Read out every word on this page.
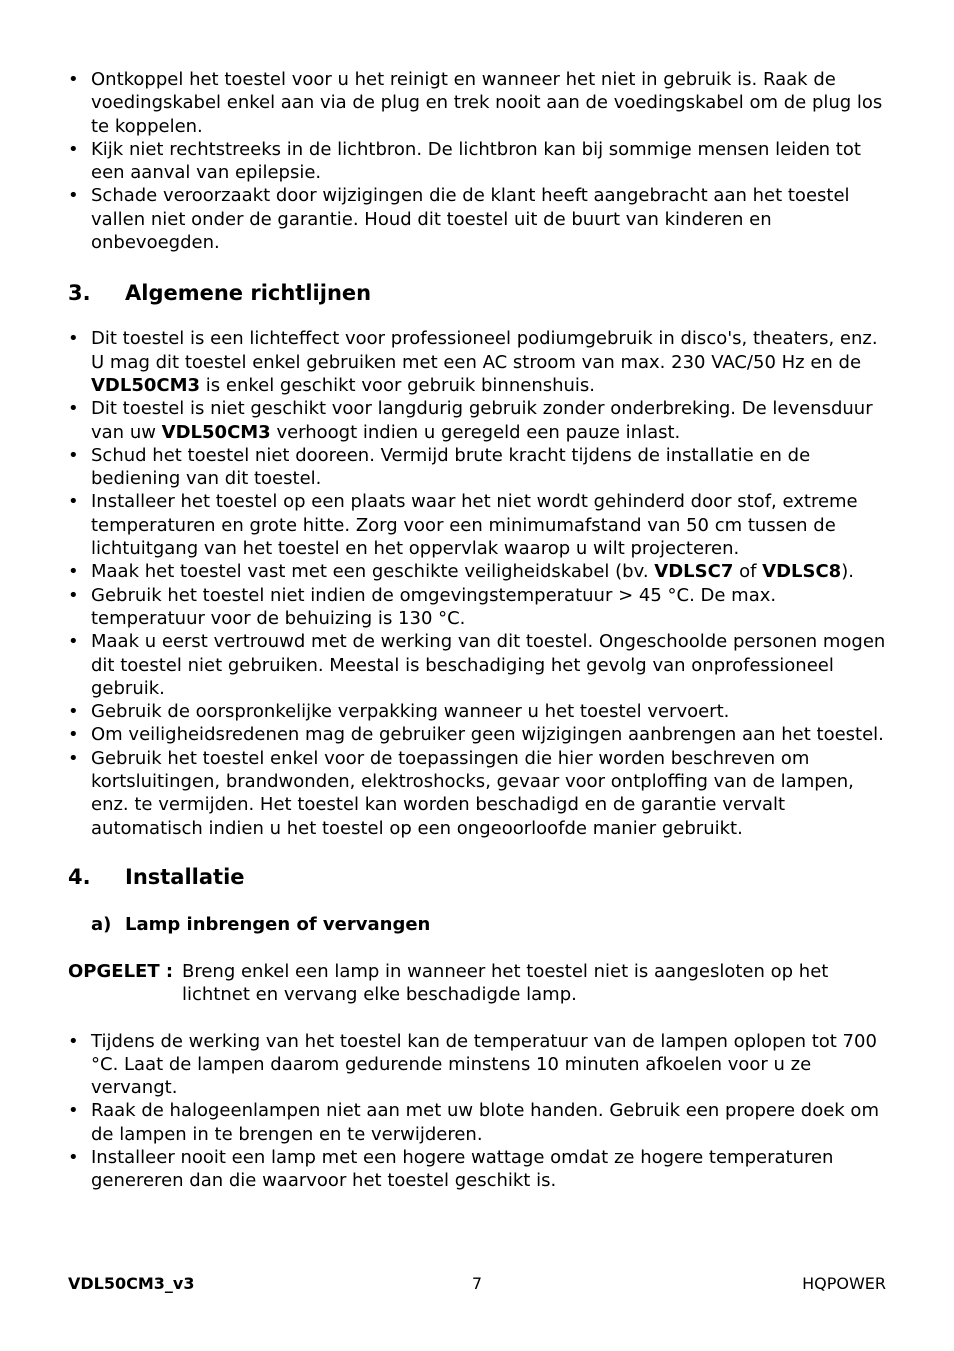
• Ontkoppel het toestel voor u het reinigt en wanneer het niet in gebruik is. Raak de voedingskabel enkel aan via de plug en trek nooit aan de voedingskabel om de plug los te koppelen.
• Kijk niet rechtstreeks in de lichtbron. De lichtbron kan bij sommige mensen leiden tot een aanval van epilepsie.
• Schade veroorzaakt door wijzigingen die de klant heeft aangebracht aan het toestel vallen niet onder de garantie. Houd dit toestel uit de buurt van kinderen en onbevoegden.
3.	Algemene richtlijnen
• Dit toestel is een lichteffect voor professioneel podiumgebruik in disco's, theaters, enz. U mag dit toestel enkel gebruiken met een AC stroom van max. 230 VAC/50 Hz en de VDL50CM3 is enkel geschikt voor gebruik binnenshuis.
• Dit toestel is niet geschikt voor langdurig gebruik zonder onderbreking. De levensduur van uw VDL50CM3 verhoogt indien u geregeld een pauze inlast.
• Schud het toestel niet dooreen. Vermijd brute kracht tijdens de installatie en de bediening van dit toestel.
• Installeer het toestel op een plaats waar het niet wordt gehinderd door stof, extreme temperaturen en grote hitte. Zorg voor een minimumafstand van 50 cm tussen de lichtuitgang van het toestel en het oppervlak waarop u wilt projecteren.
• Maak het toestel vast met een geschikte veiligheidskabel (bv. VDLSC7 of VDLSC8).
• Gebruik het toestel niet indien de omgevingstemperatuur > 45 °C. De max. temperatuur voor de behuizing is 130 °C.
• Maak u eerst vertrouwd met de werking van dit toestel. Ongeschoolde personen mogen dit toestel niet gebruiken. Meestal is beschadiging het gevolg van onprofessioneel gebruik.
• Gebruik de oorspronkelijke verpakking wanneer u het toestel vervoert.
• Om veiligheidsredenen mag de gebruiker geen wijzigingen aanbrengen aan het toestel.
• Gebruik het toestel enkel voor de toepassingen die hier worden beschreven om kortsluitingen, brandwonden, elektroshocks, gevaar voor ontploffing van de lampen, enz. te vermijden. Het toestel kan worden beschadigd en de garantie vervalt automatisch indien u het toestel op een ongeoorloofde manier gebruikt.
4.	Installatie
a) Lamp inbrengen of vervangen
OPGELET : Breng enkel een lamp in wanneer het toestel niet is aangesloten op het lichtnet en vervang elke beschadigde lamp.
• Tijdens de werking van het toestel kan de temperatuur van de lampen oplopen tot 700 °C. Laat de lampen daarom gedurende minstens 10 minuten afkoelen voor u ze vervangt.
• Raak de halogeenlampen niet aan met uw blote handen. Gebruik een propere doek om de lampen in te brengen en te verwijderen.
• Installeer nooit een lamp met een hogere wattage omdat ze hogere temperaturen genereren dan die waarvoor het toestel geschikt is.
VDL50CM3_v3	7	HQPOWER
